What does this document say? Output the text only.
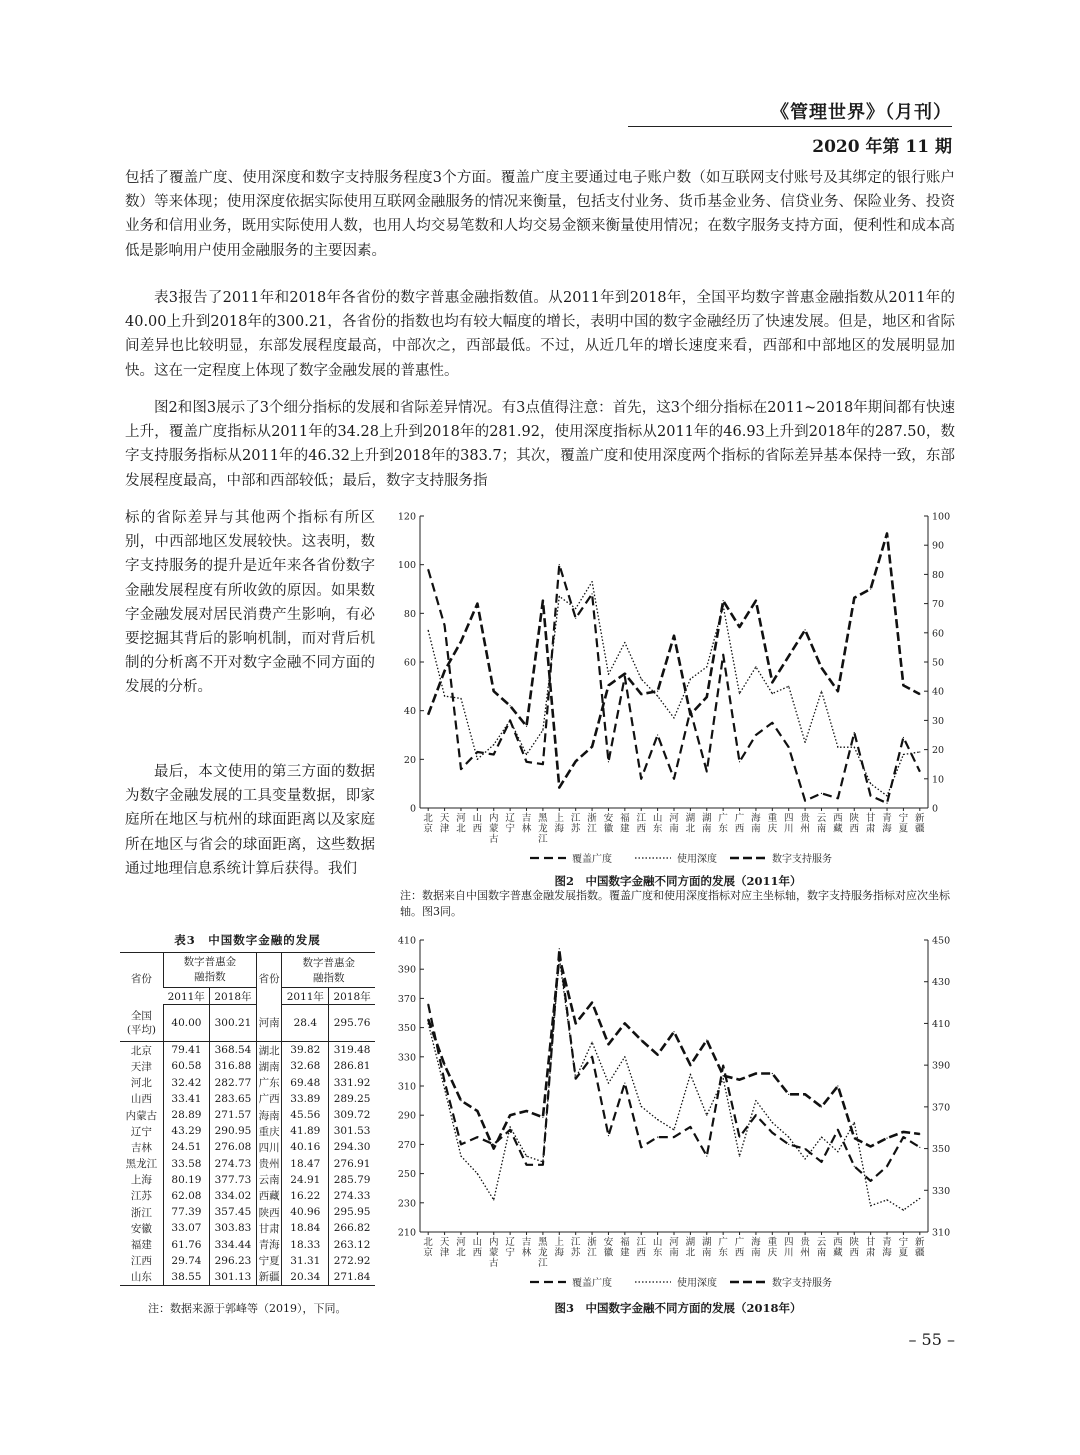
《管理世界》（月刊）
2020 年第 11 期

包括了覆盖广度、使用深度和数字支持服务程度3个方面。覆盖广度主要通过电子账户数（如互联网支付账号及其绑定的银行账户数）等来体现；使用深度依据实际使用互联网金融服务的情况来衡量，包括支付业务、货币基金业务、信贷业务、保险业务、投资业务和信用业务，既用实际使用人数，也用人均交易笔数和人均交易金额来衡量使用情况；在数字服务支持方面，便利性和成本高低是影响用户使用金融服务的主要因素。

表3报告了2011年和2018年各省份的数字普惠金融指数值。从2011年到2018年，全国平均数字普惠金融指数从2011年的40.00上升到2018年的300.21，各省份的指数也均有较大幅度的增长，表明中国的数字金融经历了快速发展。但是，地区和省际间差异也比较明显，东部发展程度最高，中部次之，西部最低。不过，从近几年的增长速度来看，西部和中部地区的发展明显加快。这在一定程度上体现了数字金融发展的普惠性。

图2和图3展示了3个细分指标的发展和省际差异情况。有3点值得注意：首先，这3个细分指标在2011~2018年期间都有快速上升，覆盖广度指标从2011年的34.28上升到2018年的281.92，使用深度指标从2011年的46.93上升到2018年的287.50，数字支持服务指标从2011年的46.32上升到2018年的383.7；其次，覆盖广度和使用深度两个指标的省际差异基本保持一致，东部发展程度最高，中部和西部较低；最后，数字支持服务指

标的省际差异与其他两个指标有所区别，中西部地区发展较快。这表明，数字支持服务的提升是近年来各省份数字金融发展程度有所收敛的原因。如果数字金融发展对居民消费产生影响，有必要挖掘其背后的影响机制，而对背后机制的分析离不开对数字金融不同方面的发展的分析。

最后，本文使用的第三方面的数据为数字金融发展的工具变量数据，即家庭所在地区与杭州的球面距离以及家庭所在地区与省会的球面距离，这些数据通过地理信息系统计算后获得。我们

0
20
40
60
80
100
120
0
10
20
30
40
50
60
70
80
90
100
北京
天津
河北
山西
内蒙古
辽宁
吉林
黑龙江
上海
江苏
浙江
安徽
福建
江西
山东
河南
湖北
湖南
广东
广西
海南
重庆
四川
贵州
云南
西藏
陕西
甘肃
青海
宁夏
新疆
覆盖广度	使用深度	数字支持服务
图2　中国数字金融不同方面的发展（2011年）
注：数据来自中国数字普惠金融发展指数。覆盖广度和使用深度指标对应主坐标轴，数字支持服务指标对应次坐标轴。图3同。
210
230
250
270
290
310
330
350
370
390
410
310
330
350
370
390
410
430
450
北京
天津
河北
山西
内蒙古
辽宁
吉林
黑龙江
上海
江苏
浙江
安徽
福建
江西
山东
河南
湖北
湖南
广东
广西
海南
重庆
四川
贵州
云南
西藏
陕西
甘肃
青海
宁夏
新疆
覆盖广度	使用深度	数字支持服务
图3　中国数字金融不同方面的发展（2018年）
表3　中国数字金融的发展
省份	数字普惠金融指数		省份	数字普惠金融指数	
	2011年	2018年		2011年	2018年
全国(平均)	40.00	300.21	河南	28.4	295.76
北京	79.41	368.54	湖北	39.82	319.48
天津	60.58	316.88	湖南	32.68	286.81
河北	32.42	282.77	广东	69.48	331.92
山西	33.41	283.65	广西	33.89	289.25
内蒙古	28.89	271.57	海南	45.56	309.72
辽宁	43.29	290.95	重庆	41.89	301.53
吉林	24.51	276.08	四川	40.16	294.30
黑龙江	33.58	274.73	贵州	18.47	276.91
上海	80.19	377.73	云南	24.91	285.79
江苏	62.08	334.02	西藏	16.22	274.33
浙江	77.39	357.45	陕西	40.96	295.95
安徽	33.07	303.83	甘肃	18.84	266.82
福建	61.76	334.44	青海	18.33	263.12
江西	29.74	296.23	宁夏	31.31	272.92
山东	38.55	301.13	新疆	20.34	271.84
注：数据来源于郭峰等（2019），下同。
– 55 –
